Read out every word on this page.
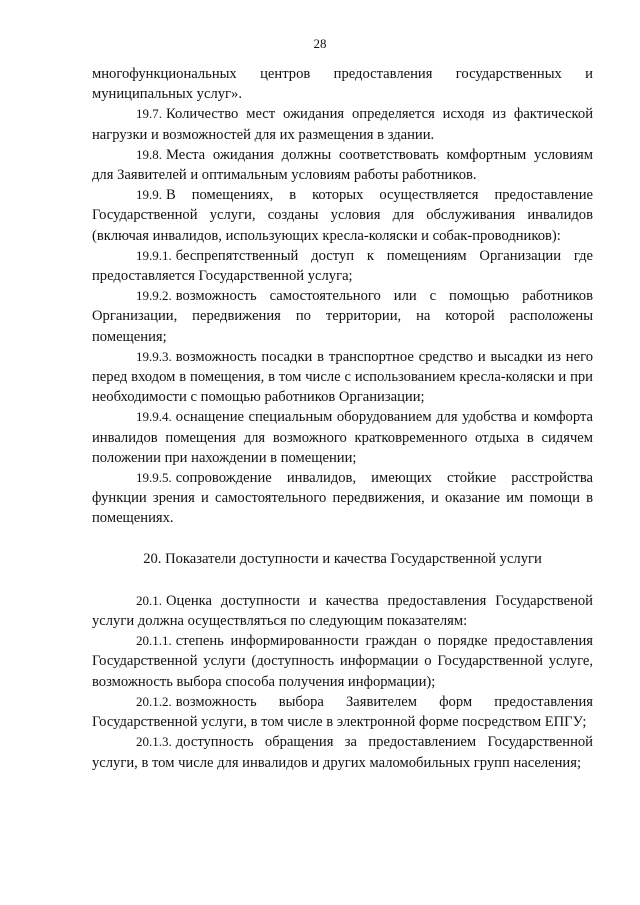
28

многофункциональных центров предоставления государственных и муниципальных услуг».

19.7. Количество мест ожидания определяется исходя из фактической нагрузки и возможностей для их размещения в здании.

19.8. Места ожидания должны соответствовать комфортным условиям для Заявителей и оптимальным условиям работы работников.

19.9. В помещениях, в которых осуществляется предоставление Государственной услуги, созданы условия для обслуживания инвалидов (включая инвалидов, использующих кресла-коляски и собак-проводников):

19.9.1. беспрепятственный доступ к помещениям Организации где предоставляется Государственной услуга;

19.9.2. возможность самостоятельного или с помощью работников Организации, передвижения по территории, на которой расположены помещения;

19.9.3. возможность посадки в транспортное средство и высадки из него перед входом в помещения, в том числе с использованием кресла-коляски и при необходимости с помощью работников Организации;

19.9.4. оснащение специальным оборудованием для удобства и комфорта инвалидов помещения для возможного кратковременного отдыха в сидячем положении при нахождении в помещении;

19.9.5. сопровождение инвалидов, имеющих стойкие расстройства функции зрения и самостоятельного передвижения, и оказание им помощи в помещениях.

20. Показатели доступности и качества Государственной услуги

20.1. Оценка доступности и качества предоставления Государственой услуги должна осуществляться по следующим показателям:

20.1.1. степень информированности граждан о порядке предоставления Государственной услуги (доступность информации о Государственной услуге, возможность выбора способа получения информации);

20.1.2. возможность выбора Заявителем форм предоставления Государственной услуги, в том числе в электронной форме посредством ЕПГУ;

20.1.3. доступность обращения за предоставлением Государственной услуги, в том числе для инвалидов и других маломобильных групп населения;
